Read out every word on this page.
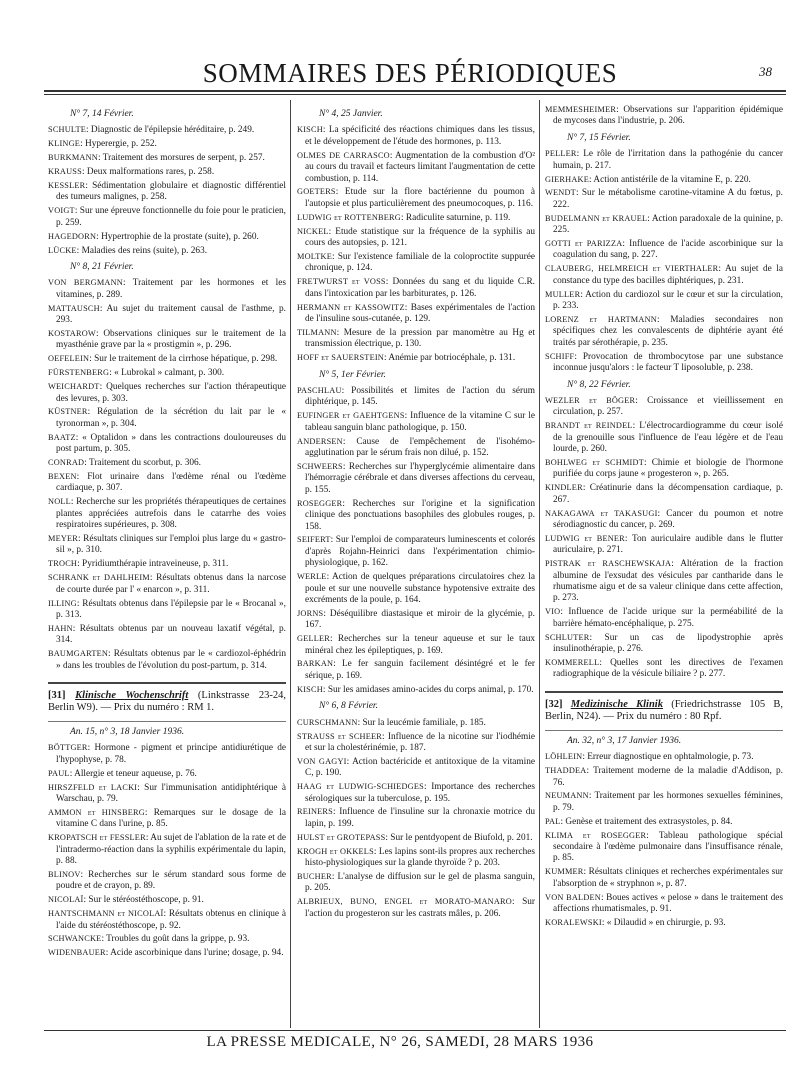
SOMMAIRES DES PÉRIODIQUES	38
N° 7, 14 Février.
SCHULTE: Diagnostic de l'épilepsie héréditaire, p. 249.
KLINGE: Hyperergie, p. 252.
BURKMANN: Traitement des morsures de serpent, p. 257.
KRAUSS: Deux malformations rares, p. 258.
KESSLER: Sédimentation globulaire et diagnostic différentiel des tumeurs malignes, p. 258.
VOIGT: Sur une épreuve fonctionnelle du foie pour le praticien, p. 259.
HAGEDORN: Hypertrophie de la prostate (suite), p. 260.
LÜCKE: Maladies des reins (suite), p. 263.
N° 8, 21 Février.
VON BERGMANN: Traitement par les hormones et les vitamines, p. 289.
MATTAUSCH: Au sujet du traitement causal de l'asthme, p. 293.
KOSTAROW: Observations cliniques sur le traitement de la myasthénie grave par la « prostigmin », p. 296.
OEFELEIN: Sur le traitement de la cirrhose hépatique, p. 298.
FÜRSTENBERG: « Lubrokal » calmant, p. 300.
WEICHARDT: Quelques recherches sur l'action thérapeutique des levures, p. 303.
KÜSTNER: Régulation de la sécrétion du lait par le « tyronorman », p. 304.
BAATZ: « Optalidon » dans les contractions douloureuses du post partum, p. 305.
CONRAD: Traitement du scorbut, p. 306.
BEXEN: Flot urinaire dans l'œdème rénal ou l'œdème cardiaque, p. 307.
NOLL: Recherche sur les propriétés thérapeutiques de certaines plantes appréciées autrefois dans le catarrhe des voies respiratoires supérieures, p. 308.
MEYER: Résultats cliniques sur l'emploi plus large du « gastro-sil », p. 310.
TROCH: Pyridiumthérapie intraveineuse, p. 311.
SCHRANK et DAHLHEIM: Résultats obtenus dans la narcose de courte durée par l' « enarcon », p. 311.
ILLING: Résultats obtenus dans l'épilepsie par le « Brocanal », p. 313.
HAHN: Résultats obtenus par un nouveau laxatif végétal, p. 314.
BAUMGARTEN: Résultats obtenus par le « cardiozol-éphédrin » dans les troubles de l'évolution du post-partum, p. 314.
[31] Klinische Wochenschrift (Linkstrasse 23-24, Berlin W9). — Prix du numéro : RM 1.
An. 15, n° 3, 18 Janvier 1936.
BÖTTGER: Hormone - pigment et principe antidiurétique de l'hypophyse, p. 78.
PAUL: Allergie et teneur aqueuse, p. 76.
HIRSZFELD et LACKI: Sur l'immunisation antidiphtérique à Warschau, p. 79.
AMMON et HINSBERG: Remarques sur le dosage de la vitamine C dans l'urine, p. 85.
KROPATSCH et FESSLER: Au sujet de l'ablation de la rate et de l'intradermo-réaction dans la syphilis expérimentale du lapin, p. 88.
BLINOV: Recherches sur le sérum standard sous forme de poudre et de crayon, p. 89.
NICOLAÏ: Sur le stéréostéthoscope, p. 91.
HANTSCHMANN et NICOLAÏ: Résultats obtenus en clinique à l'aide du stéréostéthoscope, p. 92.
SCHWANCKE: Troubles du goût dans la grippe, p. 93.
WIDENBAUER: Acide ascorbinique dans l'urine; dosage, p. 94.
N° 4, 25 Janvier.
KISCH: La spécificité des réactions chimiques dans les tissus, et le développement de l'étude des hormones, p. 113.
OLMES DE CARRASCO: Augmentation de la combustion d'O² au cours du travail et facteurs limitant l'augmentation de cette combustion, p. 114.
GOETERS: Etude sur la flore bactérienne du poumon à l'autopsie et plus particulièrement des pneumocoques, p. 116.
LUDWIG et ROTTENBERG: Radiculite saturnine, p. 119.
NICKEL: Etude statistique sur la fréquence de la syphilis au cours des autopsies, p. 121.
MOLTKE: Sur l'existence familiale de la coloproctite suppurée chronique, p. 124.
FRETWURST et VOSS: Données du sang et du liquide C.R. dans l'intoxication par les barbiturates, p. 126.
HERMANN et KASSOWITZ: Bases expérimentales de l'action de l'insuline sous-cutanée, p. 129.
TILMANN: Mesure de la pression par manomètre au Hg et transmission électrique, p. 130.
HOFF et SAUERSTEIN: Anémie par botriocéphale, p. 131.
N° 5, 1er Février.
PASCHLAU: Possibilités et limites de l'action du sérum diphtérique, p. 145.
EUFINGER et GAEHTGENS: Influence de la vitamine C sur le tableau sanguin blanc pathologique, p. 150.
ANDERSEN: Cause de l'empêchement de l'isohémo-agglutination par le sérum frais non dilué, p. 152.
SCHWEERS: Recherches sur l'hyperglycémie alimentaire dans l'hémorragie cérébrale et dans diverses affections du cerveau, p. 155.
ROSEGGER: Recherches sur l'origine et la signification clinique des ponctuations basophiles des globules rouges, p. 158.
SEIFERT: Sur l'emploi de comparateurs luminescents et colorés d'après Rojahn-Heinrici dans l'expérimentation chimio-physiologique, p. 162.
WERLE: Action de quelques préparations circulatoires chez la poule et sur une nouvelle substance hypotensive extraite des excréments de la poule, p. 164.
JORNS: Déséquilibre diastasique et miroir de la glycémie, p. 167.
GELLER: Recherches sur la teneur aqueuse et sur le taux minéral chez les épileptiques, p. 169.
BARKAN: Le fer sanguin facilement désintégré et le fer sérique, p. 169.
KISCH: Sur les amidases amino-acides du corps animal, p. 170.
N° 6, 8 Février.
CURSCHMANN: Sur la leucémie familiale, p. 185.
STRAUSS et SCHEER: Influence de la nicotine sur l'iodhémie et sur la cholestérinémie, p. 187.
VON GAGYI: Action bactéricide et antitoxique de la vitamine C, p. 190.
HAAG et LUDWIG-SCHIEDGES: Importance des recherches sérologiques sur la tuberculose, p. 195.
REINERS: Influence de l'insuline sur la chronaxie motrice du lapin, p. 199.
HULST et GROTEPASS: Sur le pentdyopent de Biufold, p. 201.
KROGH et OKKELS: Les lapins sont-ils propres aux recherches histo-physiologiques sur la glande thyroïde ? p. 203.
BUCHER: L'analyse de diffusion sur le gel de plasma sanguin, p. 205.
ALBRIEUX, BUNO, ENGEL et MORATO-MANARO: Sur l'action du progesteron sur les castrats mâles, p. 206.
MEMMESHEIMER: Observations sur l'apparition épidémique de mycoses dans l'industrie, p. 206.
N° 7, 15 Février.
PELLER: Le rôle de l'irritation dans la pathogénie du cancer humain, p. 217.
GIERHAKE: Action antistérile de la vitamine E, p. 220.
WENDT: Sur le métabolisme carotine-vitamine A du fœtus, p. 222.
BUDELMANN et KRAUEL: Action paradoxale de la quinine, p. 225.
GOTTI et PARIZZA: Influence de l'acide ascorbinique sur la coagulation du sang, p. 227.
CLAUBERG, HELMREICH et VIERTHALER: Au sujet de la constance du type des bacilles diphtériques, p. 231.
MULLER: Action du cardiozol sur le cœur et sur la circulation, p. 233.
LORENZ et HARTMANN: Maladies secondaires non spécifiques chez les convalescents de diphtérie ayant été traités par sérothérapie, p. 235.
SCHIFF: Provocation de thrombocytose par une substance inconnue jusqu'alors : le facteur T liposoluble, p. 238.
N° 8, 22 Février.
WEZLER et BÖGER: Croissance et vieillissement en circulation, p. 257.
BRANDT et REINDEL: L'électrocardiogramme du cœur isolé de la grenouille sous l'influence de l'eau légère et de l'eau lourde, p. 260.
BOHLWEG et SCHMIDT: Chimie et biologie de l'hormone purifiée du corps jaune « progesteron », p. 265.
KINDLER: Créatinurie dans la décompensation cardiaque, p. 267.
NAKAGAWA et TAKASUGI: Cancer du poumon et notre sérodiagnostic du cancer, p. 269.
LUDWIG et BENER: Ton auriculaire audible dans le flutter auriculaire, p. 271.
PISTRAK et RASCHEWSKAJA: Altération de la fraction albumine de l'exsudat des vésicules par cantharide dans le rhumatisme aigu et de sa valeur clinique dans cette affection, p. 273.
VIO: Influence de l'acide urique sur la perméabilité de la barrière hémato-encéphalique, p. 275.
SCHLUTER: Sur un cas de lipodystrophie après insulinothérapie, p. 276.
KOMMERELL: Quelles sont les directives de l'examen radiographique de la vésicule biliaire ? p. 277.
[32] Medizinische Klinik (Friedrichstrasse 105 B, Berlin, N24). — Prix du numéro : 80 Rpf.
An. 32, n° 3, 17 Janvier 1936.
LÖHLEIN: Erreur diagnostique en ophtalmologie, p. 73.
THADDEA: Traitement moderne de la maladie d'Addison, p. 76.
NEUMANN: Traitement par les hormones sexuelles féminines, p. 79.
PAL: Genèse et traitement des extrasystoles, p. 84.
KLIMA et ROSEGGER: Tableau pathologique spécial secondaire à l'œdème pulmonaire dans l'insuffisance rénale, p. 85.
KUMMER: Résultats cliniques et recherches expérimentales sur l'absorption de « stryphnon », p. 87.
VON BALDEN: Boues actives « pelose » dans le traitement des affections rhumatismales, p. 91.
KORALEWSKI: « Dilaudid » en chirurgie, p. 93.
LA PRESSE MEDICALE, N° 26, SAMEDI, 28 MARS 1936
